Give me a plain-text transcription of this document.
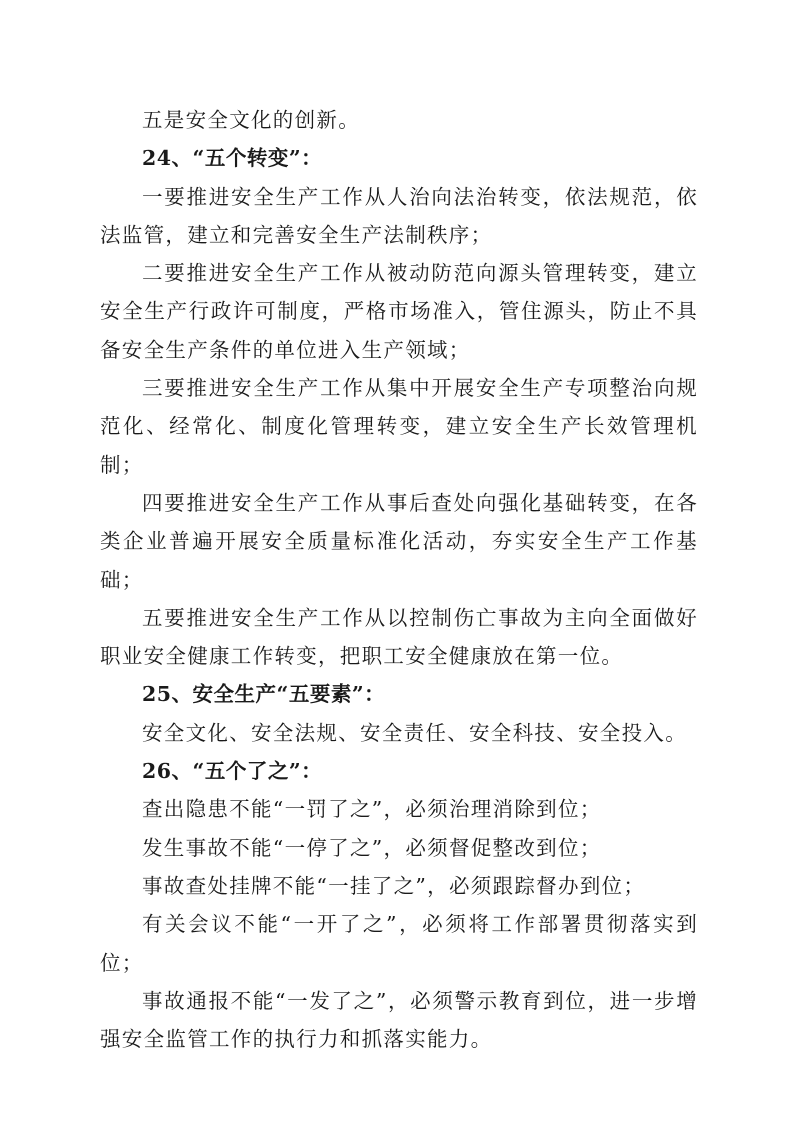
五是安全文化的创新。

24、“五个转变”：

一要推进安全生产工作从人治向法治转变，依法规范，依法监管，建立和完善安全生产法制秩序；

二要推进安全生产工作从被动防范向源头管理转变，建立安全生产行政许可制度，严格市场准入，管住源头，防止不具备安全生产条件的单位进入生产领域；

三要推进安全生产工作从集中开展安全生产专项整治向规范化、经常化、制度化管理转变，建立安全生产长效管理机制；

四要推进安全生产工作从事后查处向强化基础转变，在各类企业普遍开展安全质量标准化活动，夯实安全生产工作基础；

五要推进安全生产工作从以控制伤亡事故为主向全面做好职业安全健康工作转变，把职工安全健康放在第一位。

25、安全生产“五要素”：

安全文化、安全法规、安全责任、安全科技、安全投入。

26、“五个了之”：

查出隐患不能“一罚了之”，必须治理消除到位；

发生事故不能“一停了之”，必须督促整改到位；

事故查处挂牌不能“一挂了之”，必须跟踪督办到位；

有关会议不能“一开了之”，必须将工作部署贯彻落实到位；

事故通报不能“一发了之”，必须警示教育到位，进一步增强安全监管工作的执行力和抓落实能力。
